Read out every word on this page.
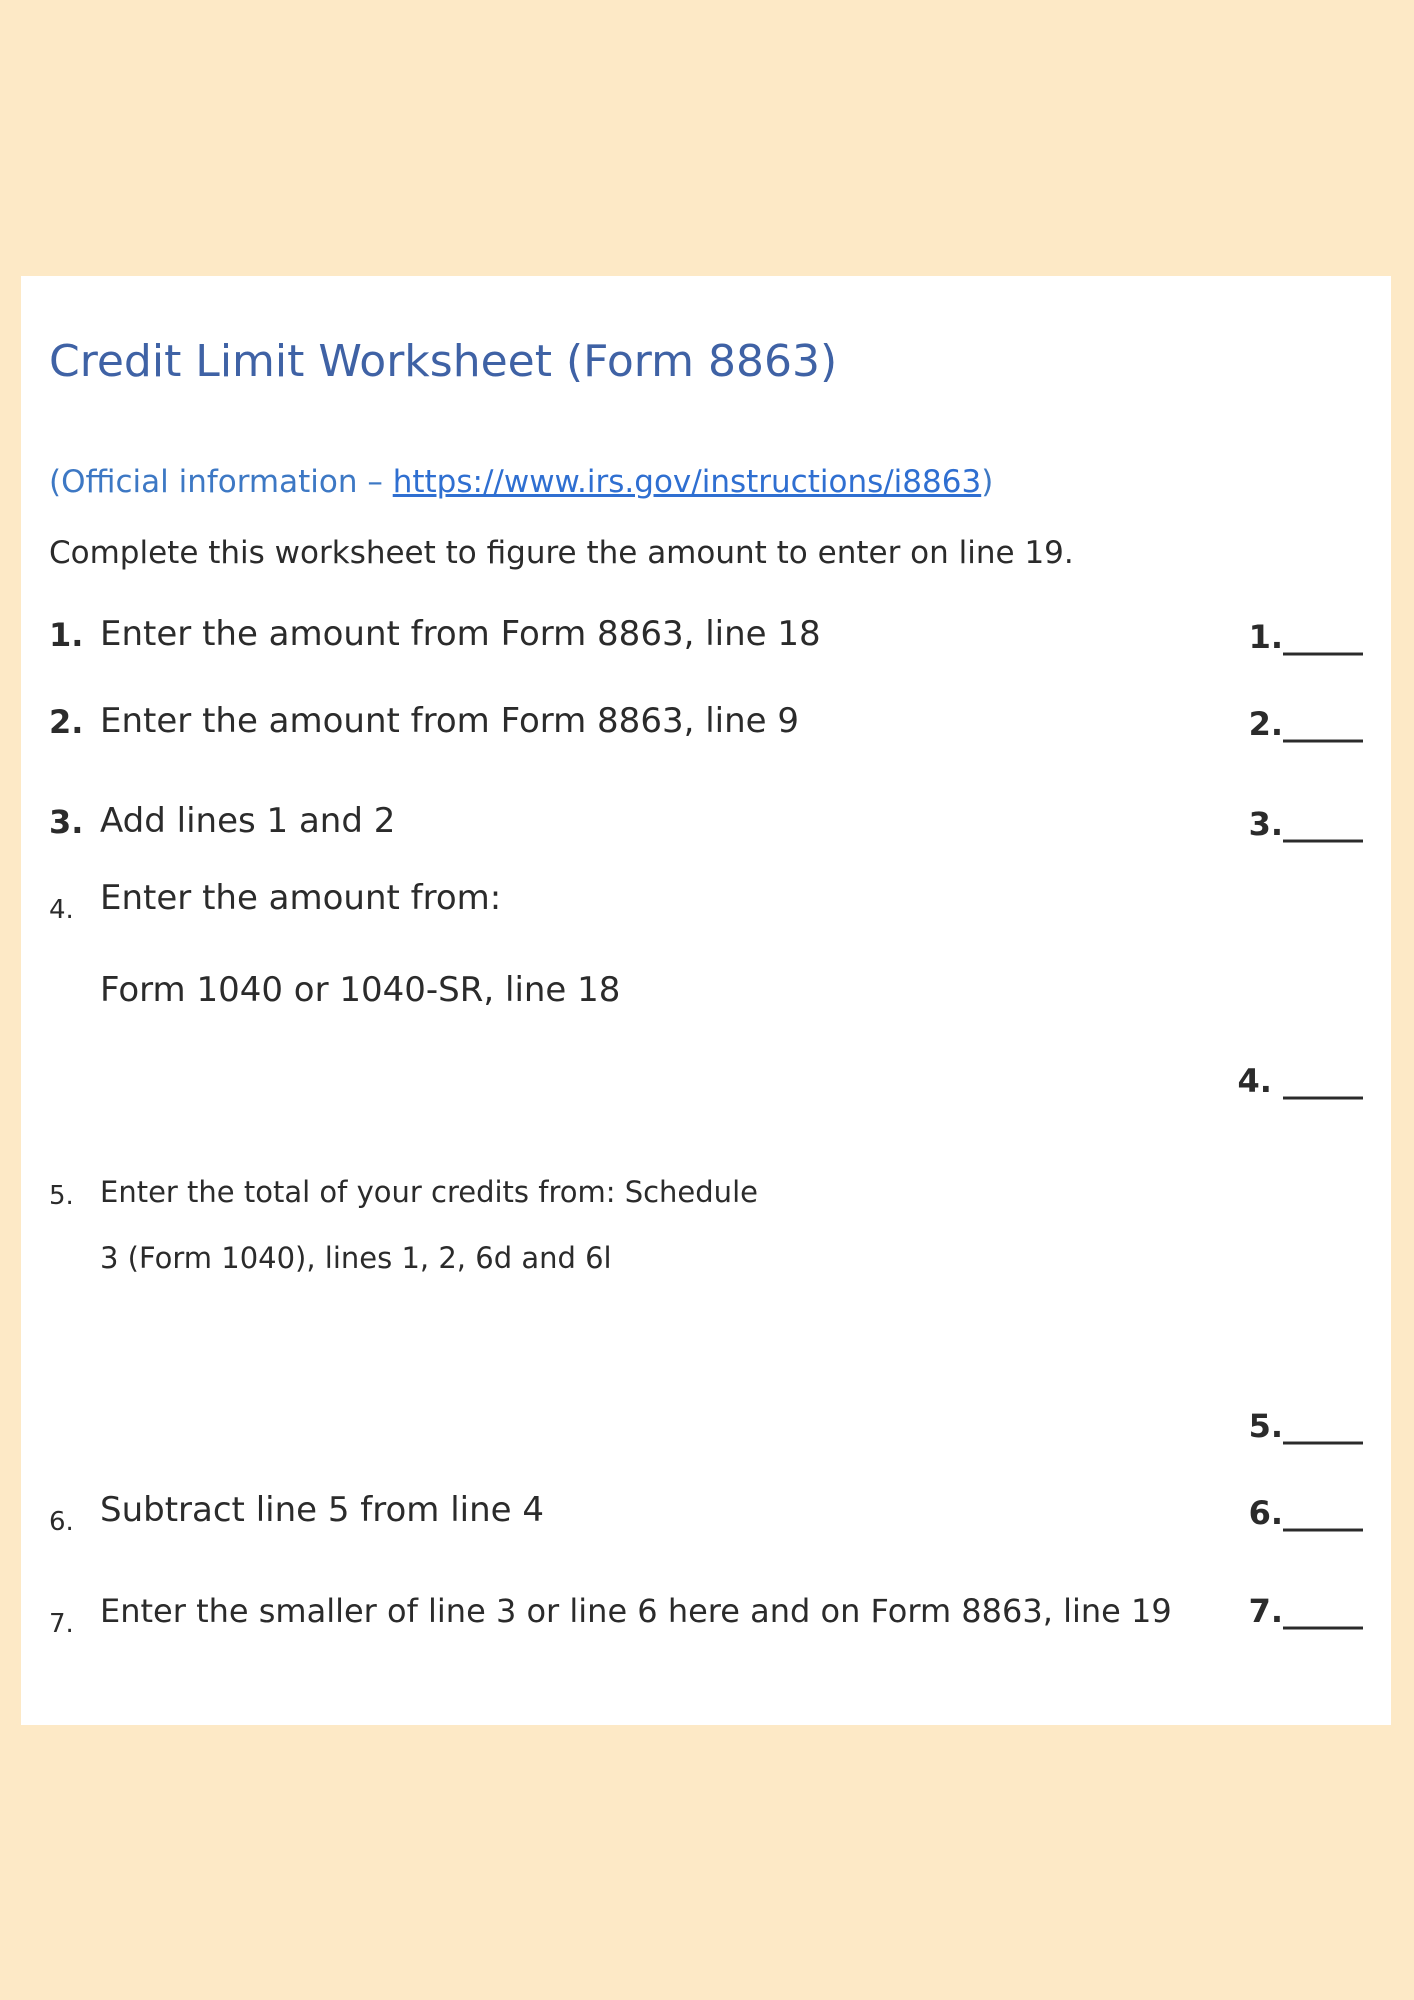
Credit Limit Worksheet (Form 8863)
(Official information – https://www.irs.gov/instructions/i8863)
Complete this worksheet to figure the amount to enter on line 19.
1. Enter the amount from Form 8863, line 18	1._____
2. Enter the amount from Form 8863, line 9	2._____
3. Add lines 1 and 2	3._____
4. Enter the amount from:
Form 1040 or 1040-SR, line 18
4. _____
5. Enter the total of your credits from: Schedule
3 (Form 1040), lines 1, 2, 6d and 6l
5._____
6. Subtract line 5 from line 4	6._____
7. Enter the smaller of line 3 or line 6 here and on Form 8863, line 19 7._____
